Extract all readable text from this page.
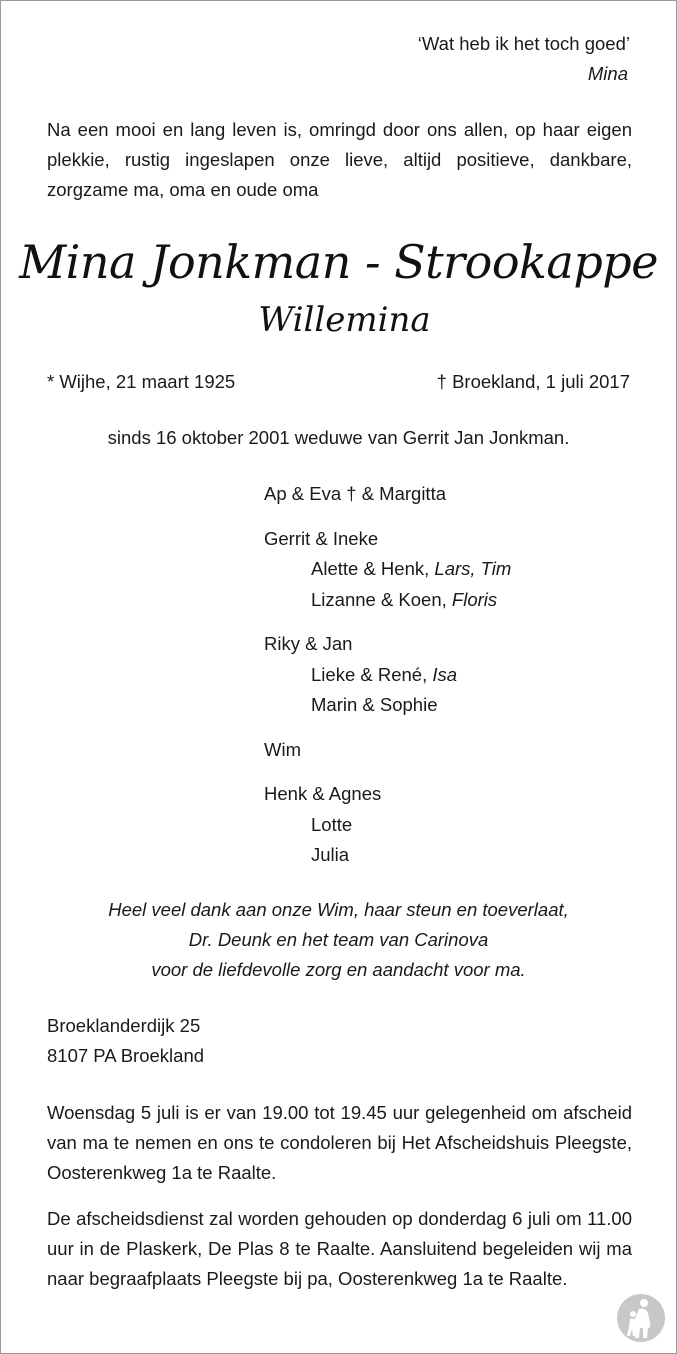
‘Wat heb ik het toch goed’
Mina
Na een mooi en lang leven is, omringd door ons allen, op haar eigen plekkie, rustig ingeslapen onze lieve, altijd positieve, dankbare, zorgzame ma, oma en oude oma
Mina Jonkman - Strookappe
Willemina
* Wijhe, 21 maart 1925	† Broekland, 1 juli 2017
sinds 16 oktober 2001 weduwe van Gerrit Jan Jonkman.
Ap & Eva † & Margitta
Gerrit & Ineke
Alette & Henk, Lars, Tim
Lizanne & Koen, Floris
Riky & Jan
Lieke & René, Isa
Marin & Sophie
Wim
Henk & Agnes
Lotte
Julia
Heel veel dank aan onze Wim, haar steun en toeverlaat,
Dr. Deunk en het team van Carinova
voor de liefdevolle zorg en aandacht voor ma.
Broeklanderdijk 25
8107 PA Broekland
Woensdag 5 juli is er van 19.00 tot 19.45 uur gelegenheid om afscheid van ma te nemen en ons te condoleren bij Het Afscheidshuis Pleegste, Oosterenkweg 1a te Raalte.
De afscheidsdienst zal worden gehouden op donderdag 6 juli om 11.00 uur in de Plaskerk, De Plas 8 te Raalte. Aansluitend begeleiden wij ma naar begraafplaats Pleegste bij pa, Oosterenkweg 1a te Raalte.
